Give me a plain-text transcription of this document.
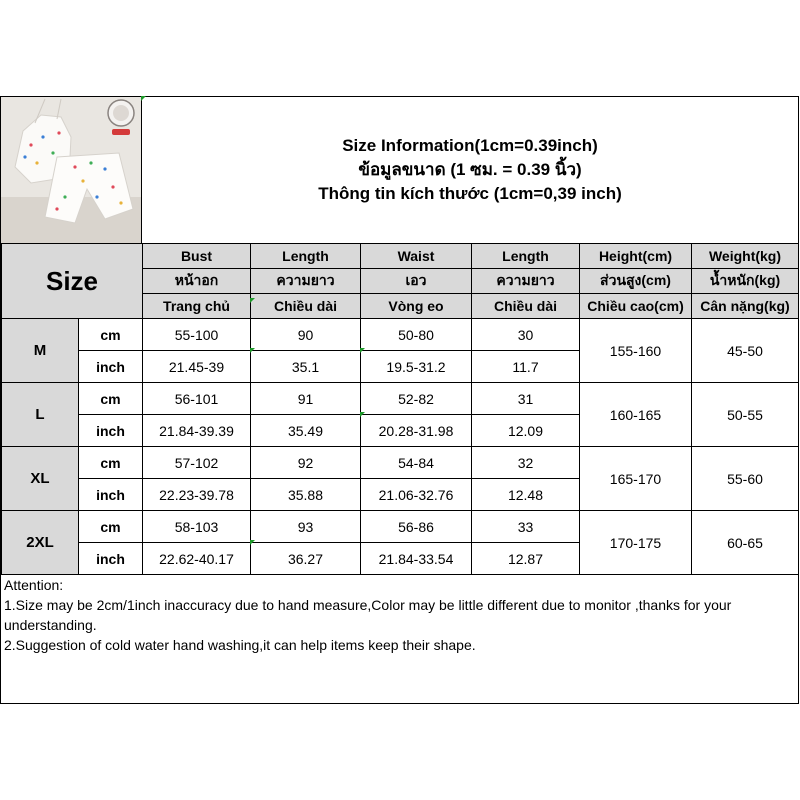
Size Information(1cm=0.39inch)
ข้อมูลขนาด (1 ซม. = 0.39 นิ้ว)
Thông tin kích thước (1cm=0,39 inch)
Size		Bust	Length	Waist	Length	Height(cm)	Weight(kg)
		หน้าอก	ความยาว	เอว	ความยาว	ส่วนสูง(cm)	น้ำหนัก(kg)
		Trang chủ	Chiều dài	Vòng eo	Chiều dài	Chiều cao(cm)	Cân nặng(kg)
M	cm	55-100	90	50-80	30	155-160	45-50
	inch	21.45-39	35.1	19.5-31.2	11.7		
L	cm	56-101	91	52-82	31	160-165	50-55
	inch	21.84-39.39	35.49	20.28-31.98	12.09		
XL	cm	57-102	92	54-84	32	165-170	55-60
	inch	22.23-39.78	35.88	21.06-32.76	12.48		
2XL	cm	58-103	93	56-86	33	170-175	60-65
	inch	22.62-40.17	36.27	21.84-33.54	12.87		
Attention:
1.Size may be 2cm/1inch inaccuracy due to hand measure,Color may be little different due to monitor ,thanks for your understanding.
2.Suggestion of cold water hand washing,it can help items keep their shape.
